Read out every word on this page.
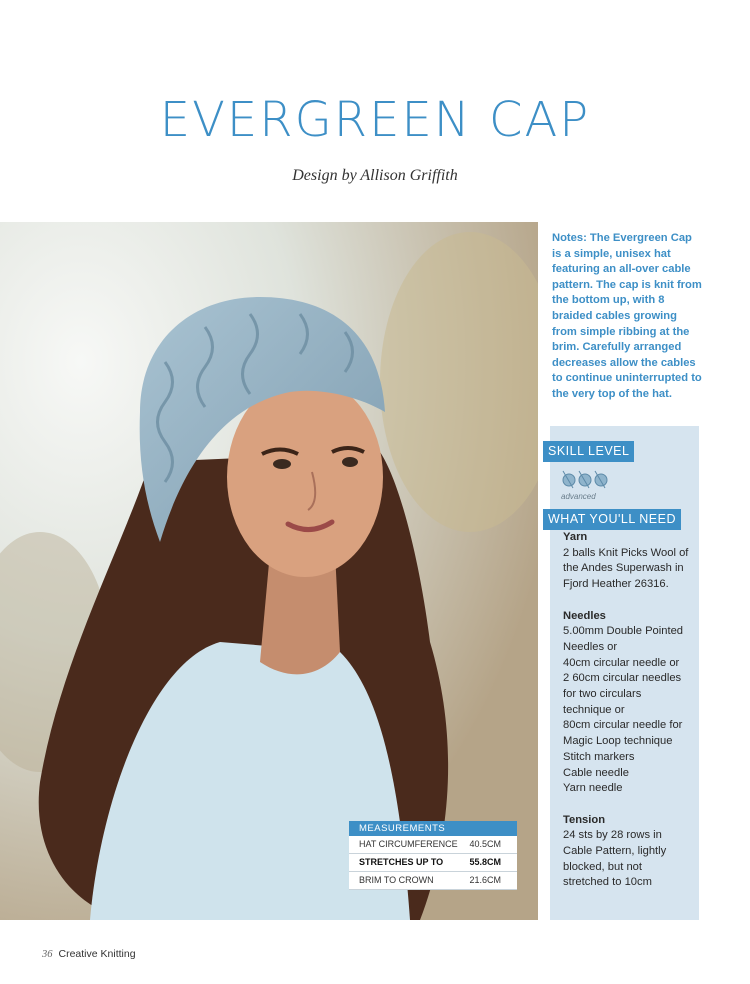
EVERGREEN CAP
Design by Allison Griffith
Notes: The Evergreen Cap is a simple, unisex hat featuring an all-over cable pattern. The cap is knit from the bottom up, with 8 braided cables growing from simple ribbing at the brim. Carefully arranged decreases allow the cables to continue uninterrupted to the very top of the hat.
SKILL LEVEL
advanced
WHAT YOU'LL NEED
Yarn
2 balls Knit Picks Wool of
the Andes Superwash in
Fjord Heather 26316.
Needles
5.00mm Double Pointed
Needles or
40cm circular needle or
2 60cm circular needles
for two circulars
technique or
80cm circular needle for
Magic Loop technique
Stitch markers
Cable needle
Yarn needle
Tension
24 sts by 28 rows in
Cable Pattern, lightly
blocked, but not
stretched to 10cm
MEASUREMENTS
HAT CIRCUMFERENCE 40.5CM
STRETCHES UP TO	55.8CM
BRIM TO CROWN	21.6CM
36 Creative Knitting
